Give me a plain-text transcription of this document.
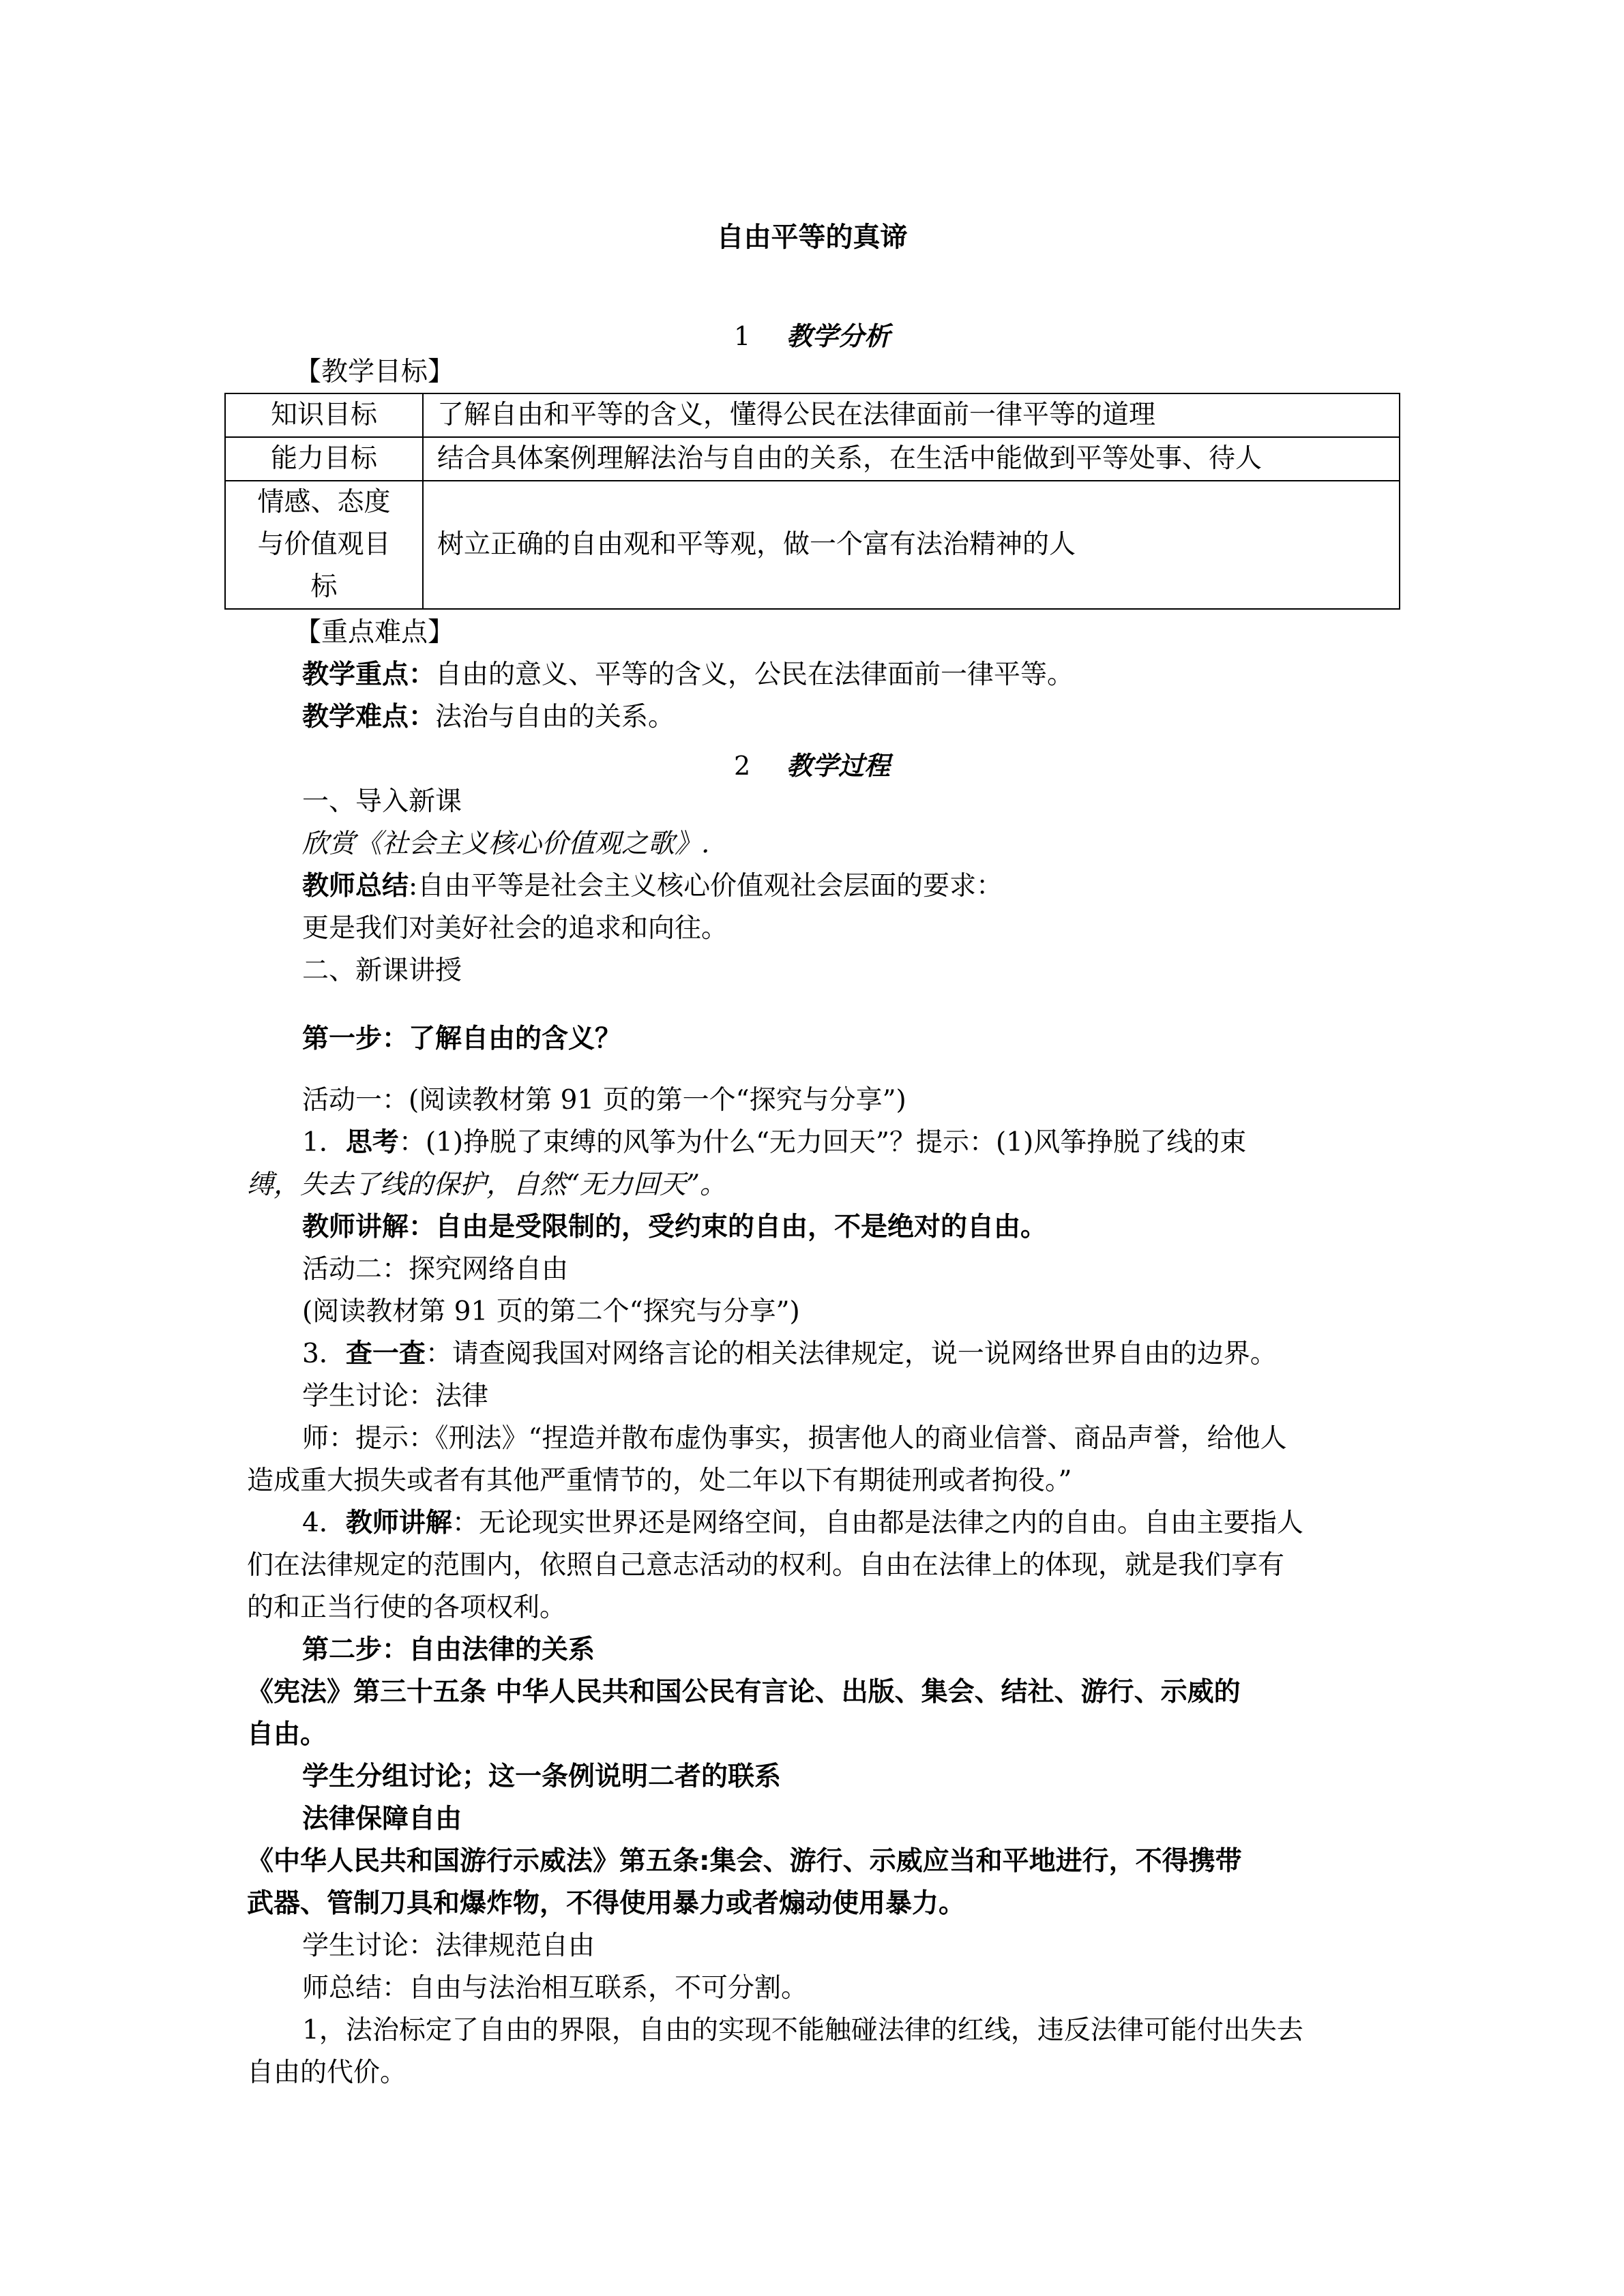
自由平等的真谛
1 教学分析
【教学目标】
知识目标	了解自由和平等的含义，懂得公民在法律面前一律平等的道理
能力目标	结合具体案例理解法治与自由的关系，在生活中能做到平等处事、待人

情感、态度
与价值观目
标	树立正确的自由观和平等观，做一个富有法治精神的人
【重点难点】
教学重点：自由的意义、平等的含义，公民在法律面前一律平等。
教学难点：法治与自由的关系。
2 教学过程
一、导入新课
欣赏《社会主义核心价值观之歌》.
教师总结:自由平等是社会主义核心价值观社会层面的要求：
更是我们对美好社会的追求和向往。
二、新课讲授
第一步：了解自由的含义？
活动一：(阅读教材第 91 页的第一个“探究与分享”)
1．思考：(1)挣脱了束缚的风筝为什么“无力回天”？提示：(1)风筝挣脱了线的束
缚，失去了线的保护，自然“无力回天”。
教师讲解：自由是受限制的，受约束的自由，不是绝对的自由。
活动二：探究网络自由
(阅读教材第 91 页的第二个“探究与分享”)
3．查一查：请查阅我国对网络言论的相关法律规定，说一说网络世界自由的边界。
学生讨论：法律
师：提示：《刑法》“捏造并散布虚伪事实，损害他人的商业信誉、商品声誉，给他人
造成重大损失或者有其他严重情节的，处二年以下有期徒刑或者拘役。”
4．教师讲解：无论现实世界还是网络空间，自由都是法律之内的自由。自由主要指人
们在法律规定的范围内，依照自己意志活动的权利。自由在法律上的体现，就是我们享有
的和正当行使的各项权利。
第二步：自由法律的关系
《宪法》第三十五条 中华人民共和国公民有言论、出版、集会、结社、游行、示威的
自由。
学生分组讨论；这一条例说明二者的联系
法律保障自由
《中华人民共和国游行示威法》第五条:集会、游行、示威应当和平地进行，不得携带
武器、管制刀具和爆炸物，不得使用暴力或者煽动使用暴力。
学生讨论：法律规范自由
师总结：自由与法治相互联系，不可分割。
1，法治标定了自由的界限，自由的实现不能触碰法律的红线，违反法律可能付出失去
自由的代价。
